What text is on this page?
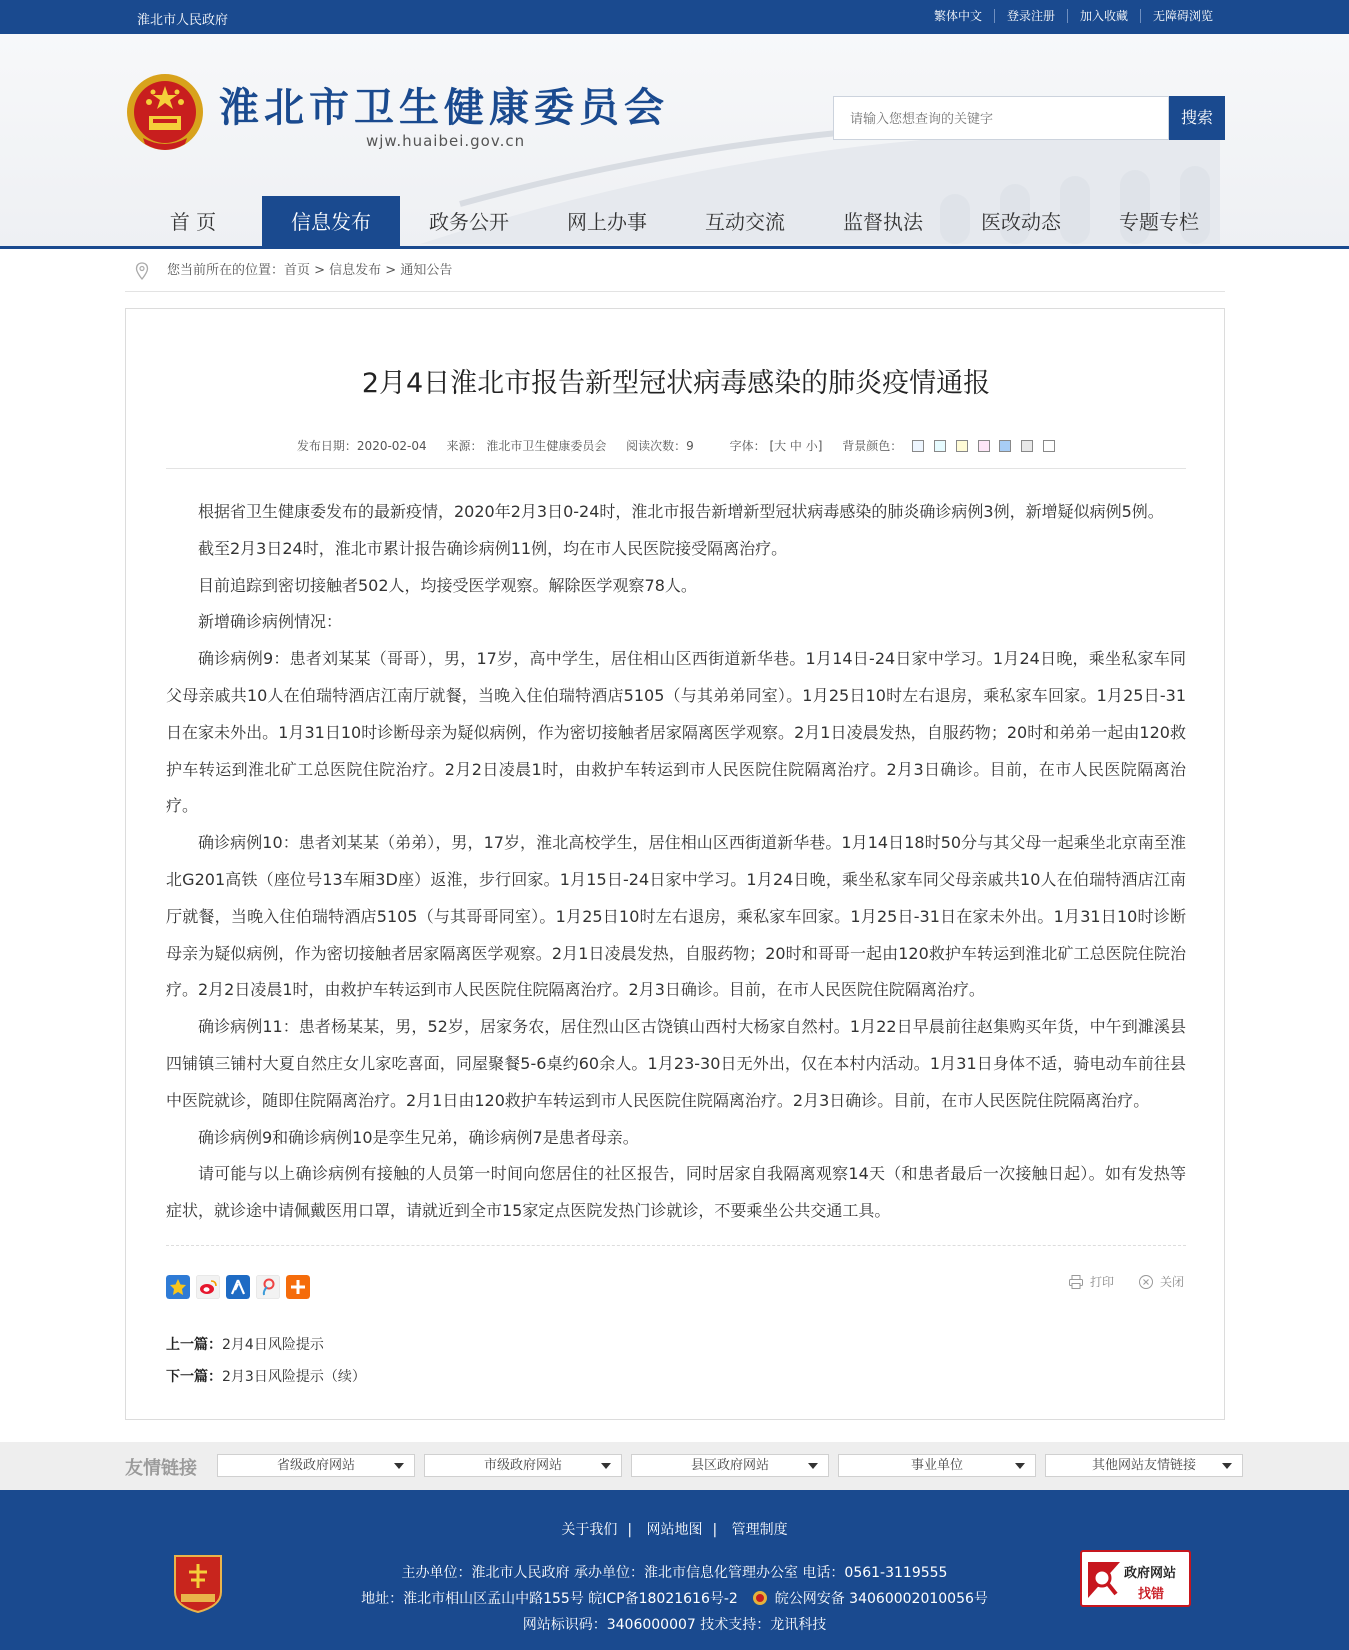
淮北市人民政府	繁体中文	登录注册	加入收藏	无障碍浏览
淮北市卫生健康委员会
wjw.huaibei.gov.cn
请输入您想查询的关键字
搜索
首 页	信息发布	政务公开	网上办事	互动交流	监督执法	医改动态	专题专栏
您当前所在的位置：首页 > 信息发布 > 通知公告
2月4日淮北市报告新型冠状病毒感染的肺炎疫情通报
发布日期：2020-02-04 来源： 淮北市卫生健康委员会 阅读次数：9	字体： [大 中 小] 背景颜色：

根据省卫生健康委发布的最新疫情，2020年2月3日0-24时，淮北市报告新增新型冠状病毒感染的肺炎确诊病例3例，新增疑似病例5例。

截至2月3日24时，淮北市累计报告确诊病例11例，均在市人民医院接受隔离治疗。

目前追踪到密切接触者502人，均接受医学观察。解除医学观察78人。

新增确诊病例情况：

确诊病例9：患者刘某某（哥哥），男，17岁，高中学生，居住相山区西街道新华巷。1月14日-24日家中学习。1月24日晚，乘坐私家车同父母亲戚共10人在伯瑞特酒店江南厅就餐，当晚入住伯瑞特酒店5105（与其弟弟同室）。1月25日10时左右退房，乘私家车回家。1月25日-31日在家未外出。1月31日10时诊断母亲为疑似病例，作为密切接触者居家隔离医学观察。2月1日凌晨发热，自服药物；20时和弟弟一起由120救护车转运到淮北矿工总医院住院治疗。2月2日凌晨1时，由救护车转运到市人民医院住院隔离治疗。2月3日确诊。目前，在市人民医院隔离治疗。

确诊病例10：患者刘某某（弟弟），男，17岁，淮北高校学生，居住相山区西街道新华巷。1月14日18时50分与其父母一起乘坐北京南至淮北G201高铁（座位号13车厢3D座）返淮，步行回家。1月15日-24日家中学习。1月24日晚，乘坐私家车同父母亲戚共10人在伯瑞特酒店江南厅就餐，当晚入住伯瑞特酒店5105（与其哥哥同室）。1月25日10时左右退房，乘私家车回家。1月25日-31日在家未外出。1月31日10时诊断母亲为疑似病例，作为密切接触者居家隔离医学观察。2月1日凌晨发热，自服药物；20时和哥哥一起由120救护车转运到淮北矿工总医院住院治疗。2月2日凌晨1时，由救护车转运到市人民医院住院隔离治疗。2月3日确诊。目前，在市人民医院住院隔离治疗。

确诊病例11：患者杨某某，男，52岁，居家务农，居住烈山区古饶镇山西村大杨家自然村。1月22日早晨前往赵集购买年货，中午到濉溪县四铺镇三铺村大夏自然庄女儿家吃喜面，同屋聚餐5-6桌约60余人。1月23-30日无外出，仅在本村内活动。1月31日身体不适，骑电动车前往县中医院就诊，随即住院隔离治疗。2月1日由120救护车转运到市人民医院住院隔离治疗。2月3日确诊。目前，在市人民医院住院隔离治疗。

确诊病例9和确诊病例10是孪生兄弟，确诊病例7是患者母亲。

请可能与以上确诊病例有接触的人员第一时间向您居住的社区报告，同时居家自我隔离观察14天（和患者最后一次接触日起）。如有发热等症状，就诊途中请佩戴医用口罩，请就近到全市15家定点医院发热门诊就诊，不要乘坐公共交通工具。

打印	关闭
上一篇：2月4日风险提示
下一篇：2月3日风险提示（续）
友情链接	省级政府网站	市级政府网站	县区政府网站	事业单位	其他网站友情链接
关于我们 | 网站地图 | 管理制度
主办单位：淮北市人民政府 承办单位：淮北市信息化管理办公室 电话：0561-3119555
地址：淮北市相山区孟山中路155号 皖ICP备18021616号-2	皖公网安备 34060002010056号
网站标识码：3406000007 技术支持：龙讯科技
政府网站
找错
